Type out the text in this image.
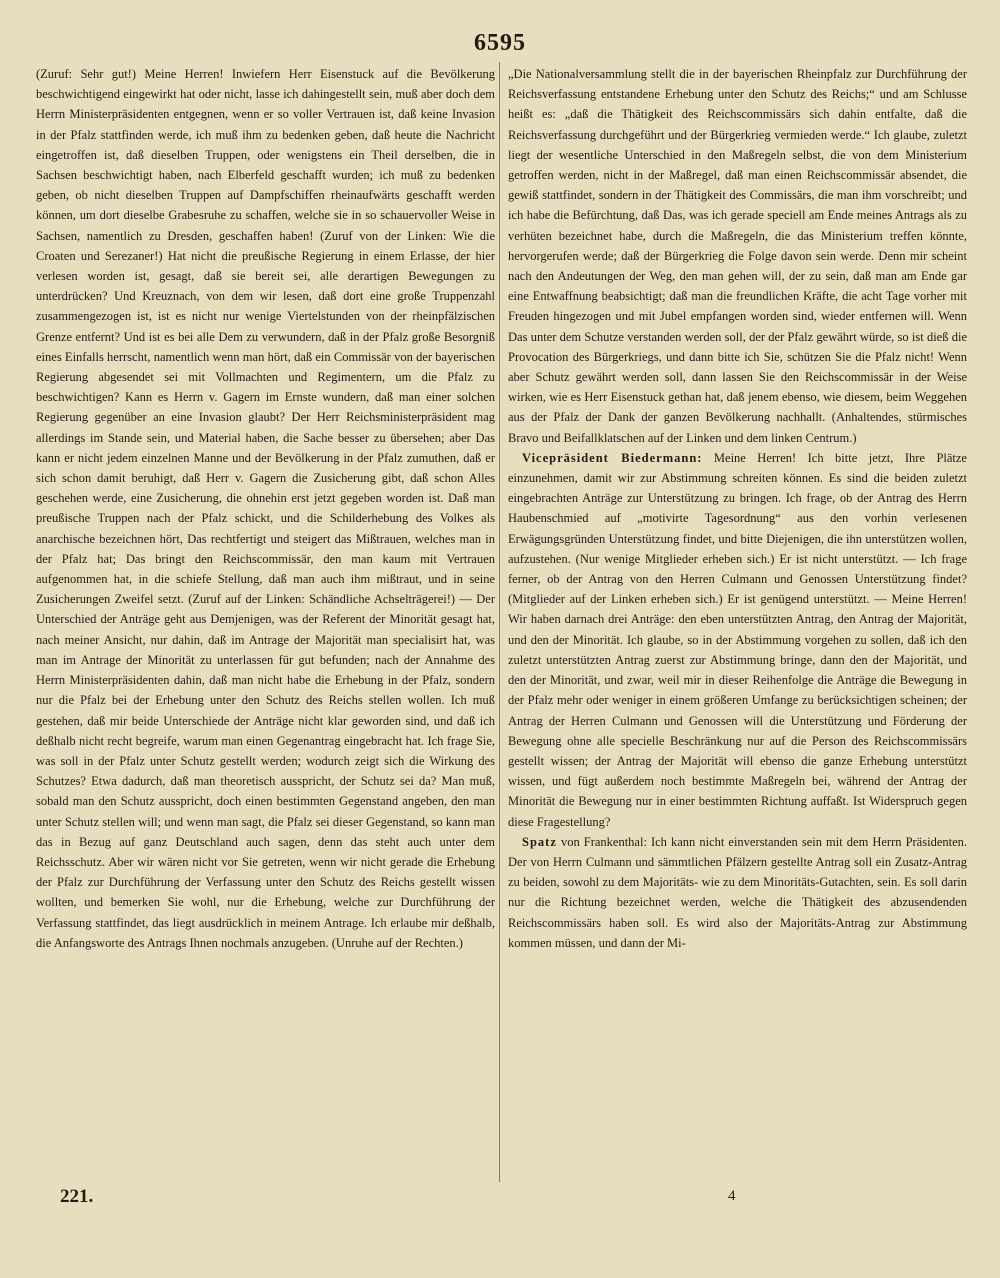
6595

(Zuruf: Sehr gut!) Meine Herren! Inwiefern Herr Eisenstuck auf die Bevölkerung beschwichtigend eingewirkt hat oder nicht, lasse ich dahingestellt sein, muß aber doch dem Herrn Ministerpräsidenten entgegnen, wenn er so voller Vertrauen ist, daß keine Invasion in der Pfalz stattfinden werde, ich muß ihm zu bedenken geben, daß heute die Nachricht eingetroffen ist, daß dieselben Truppen, oder wenigstens ein Theil derselben, die in Sachsen beschwichtigt haben, nach Elberfeld geschafft wurden; ich muß zu bedenken geben, ob nicht dieselben Truppen auf Dampfschiffen rheinaufwärts geschafft werden können, um dort dieselbe Grabesruhe zu schaffen, welche sie in so schauervoller Weise in Sachsen, namentlich zu Dresden, geschaffen haben! (Zuruf von der Linken: Wie die Croaten und Serezaner!) Hat nicht die preußische Regierung in einem Erlasse, der hier verlesen worden ist, gesagt, daß sie bereit sei, alle derartigen Bewegungen zu unterdrücken? Und Kreuznach, von dem wir lesen, daß dort eine große Truppenzahl zusammengezogen ist, ist es nicht nur wenige Viertelstunden von der rheinpfälzischen Grenze entfernt? Und ist es bei alle Dem zu verwundern, daß in der Pfalz große Besorgniß eines Einfalls herrscht, namentlich wenn man hört, daß ein Commissär von der bayerischen Regierung abgesendet sei mit Vollmachten und Regimentern, um die Pfalz zu beschwichtigen? Kann es Herrn v. Gagern im Ernste wundern, daß man einer solchen Regierung gegenüber an eine Invasion glaubt? Der Herr Reichsministerpräsident mag allerdings im Stande sein, und Material haben, die Sache besser zu übersehen; aber Das kann er nicht jedem einzelnen Manne und der Bevölkerung in der Pfalz zumuthen, daß er sich schon damit beruhigt, daß Herr v. Gagern die Zusicherung gibt, daß schon Alles geschehen werde, eine Zusicherung, die ohnehin erst jetzt gegeben worden ist. Daß man preußische Truppen nach der Pfalz schickt, und die Schilderhebung des Volkes als anarchische bezeichnen hört, Das rechtfertigt und steigert das Mißtrauen, welches man in der Pfalz hat; Das bringt den Reichscommissär, den man kaum mit Vertrauen aufgenommen hat, in die schiefe Stellung, daß man auch ihm mißtraut, und in seine Zusicherungen Zweifel setzt. (Zuruf auf der Linken: Schändliche Achselträgerei!) — Der Unterschied der Anträge geht aus Demjenigen, was der Referent der Minorität gesagt hat, nach meiner Ansicht, nur dahin, daß im Antrage der Majorität man specialisirt hat, was man im Antrage der Minorität zu unterlassen für gut befunden; nach der Annahme des Herrn Ministerpräsidenten dahin, daß man nicht habe die Erhebung in der Pfalz, sondern nur die Pfalz bei der Erhebung unter den Schutz des Reichs stellen wollen. Ich muß gestehen, daß mir beide Unterschiede der Anträge nicht klar geworden sind, und daß ich deßhalb nicht recht begreife, warum man einen Gegenantrag eingebracht hat. Ich frage Sie, was soll in der Pfalz unter Schutz gestellt werden; wodurch zeigt sich die Wirkung des Schutzes? Etwa dadurch, daß man theoretisch ausspricht, der Schutz sei da? Man muß, sobald man den Schutz ausspricht, doch einen bestimmten Gegenstand angeben, den man unter Schutz stellen will; und wenn man sagt, die Pfalz sei dieser Gegenstand, so kann man das in Bezug auf ganz Deutschland auch sagen, denn das steht auch unter dem Reichsschutz. Aber wir wären nicht vor Sie getreten, wenn wir nicht gerade die Erhebung der Pfalz zur Durchführung der Verfassung unter den Schutz des Reichs gestellt wissen wollten, und bemerken Sie wohl, nur die Erhebung, welche zur Durchführung der Verfassung stattfindet, das liegt ausdrücklich in meinem Antrage. Ich erlaube mir deßhalb, die Anfangsworte des Antrags Ihnen nochmals anzugeben. (Unruhe auf der Rechten.)

„Die Nationalversammlung stellt die in der bayerischen Rheinpfalz zur Durchführung der Reichsverfassung entstandene Erhebung unter den Schutz des Reichs;“ und am Schlusse heißt es: „daß die Thätigkeit des Reichscommissärs sich dahin entfalte, daß die Reichsverfassung durchgeführt und der Bürgerkrieg vermieden werde.“ Ich glaube, zuletzt liegt der wesentliche Unterschied in den Maßregeln selbst, die von dem Ministerium getroffen werden, nicht in der Maßregel, daß man einen Reichscommissär absendet, die gewiß stattfindet, sondern in der Thätigkeit des Commissärs, die man ihm vorschreibt; und ich habe die Befürchtung, daß Das, was ich gerade speciell am Ende meines Antrags als zu verhüten bezeichnet habe, durch die Maßregeln, die das Ministerium treffen könnte, hervorgerufen werde; daß der Bürgerkrieg die Folge davon sein werde. Denn mir scheint nach den Andeutungen der Weg, den man gehen will, der zu sein, daß man am Ende gar eine Entwaffnung beabsichtigt; daß man die freundlichen Kräfte, die acht Tage vorher mit Freuden hingezogen und mit Jubel empfangen worden sind, wieder entfernen will. Wenn Das unter dem Schutze verstanden werden soll, der der Pfalz gewährt würde, so ist dieß die Provocation des Bürgerkriegs, und dann bitte ich Sie, schützen Sie die Pfalz nicht! Wenn aber Schutz gewährt werden soll, dann lassen Sie den Reichscommissär in der Weise wirken, wie es Herr Eisenstuck gethan hat, daß jenem ebenso, wie diesem, beim Weggehen aus der Pfalz der Dank der ganzen Bevölkerung nachhallt. (Anhaltendes, stürmisches Bravo und Beifallklatschen auf der Linken und dem linken Centrum.)

Vicepräsident Biedermann: Meine Herren! Ich bitte jetzt, Ihre Plätze einzunehmen, damit wir zur Abstimmung schreiten können. Es sind die beiden zuletzt eingebrachten Anträge zur Unterstützung zu bringen. Ich frage, ob der Antrag des Herrn Haubenschmied auf „motivirte Tagesordnung“ aus den vorhin verlesenen Erwägungsgründen Unterstützung findet, und bitte Diejenigen, die ihn unterstützen wollen, aufzustehen. (Nur wenige Mitglieder erheben sich.) Er ist nicht unterstützt. — Ich frage ferner, ob der Antrag von den Herren Culmann und Genossen Unterstützung findet? (Mitglieder auf der Linken erheben sich.) Er ist genügend unterstützt. — Meine Herren! Wir haben darnach drei Anträge: den eben unterstützten Antrag, den Antrag der Majorität, und den der Minorität. Ich glaube, so in der Abstimmung vorgehen zu sollen, daß ich den zuletzt unterstützten Antrag zuerst zur Abstimmung bringe, dann den der Majorität, und den der Minorität, und zwar, weil mir in dieser Reihenfolge die Anträge die Bewegung in der Pfalz mehr oder weniger in einem größeren Umfange zu berücksichtigen scheinen; der Antrag der Herren Culmann und Genossen will die Unterstützung und Förderung der Bewegung ohne alle specielle Beschränkung nur auf die Person des Reichscommissärs gestellt wissen; der Antrag der Majorität will ebenso die ganze Erhebung unterstützt wissen, und fügt außerdem noch bestimmte Maßregeln bei, während der Antrag der Minorität die Bewegung nur in einer bestimmten Richtung auffaßt. Ist Widerspruch gegen diese Fragestellung?

Spatz von Frankenthal: Ich kann nicht einverstanden sein mit dem Herrn Präsidenten. Der von Herrn Culmann und sämmtlichen Pfälzern gestellte Antrag soll ein Zusatz-Antrag zu beiden, sowohl zu dem Majoritäts- wie zu dem Minoritäts-Gutachten, sein. Es soll darin nur die Richtung bezeichnet werden, welche die Thätigkeit des abzusendenden Reichscommissärs haben soll. Es wird also der Majoritäts-Antrag zur Abstimmung kommen müssen, und dann der Mi-

221.	4
